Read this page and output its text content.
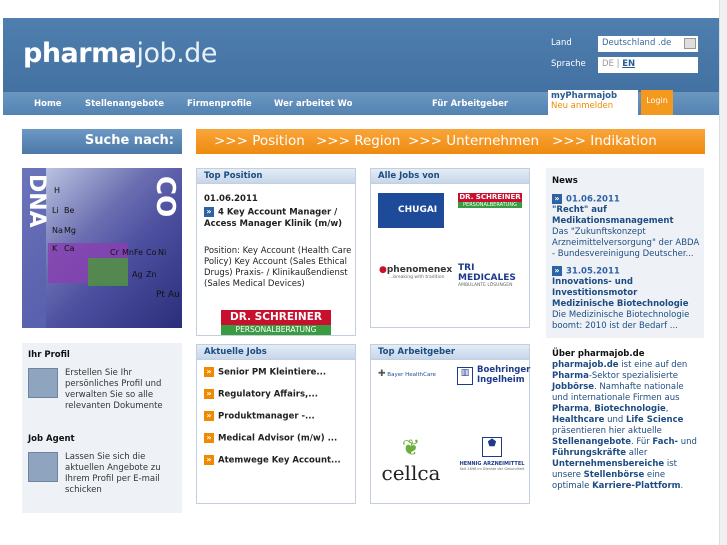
pharmajob.de	Land	Deutschland .de
Sprache	DE | EN
Home	Stellenangebote	Firmenprofile	Wer arbeitet Wo	Für Arbeitgeber
myPharmajob
Neu anmelden
Login
Suche nach:	>>> Position >>> Region >>> Unternehmen >>> Indikation
DNA	CO
H
Li Be
Na Mg
K Ca	Cr Mn Fe Co Ni
Pt Au
Ag Zn
Top Position
01.06.2011
» 4 Key Account Manager / Access Manager Klinik (m/w)
Position: Key Account (Health Care Policy) Key Account (Sales Ethical Drugs) Praxis- / Klinikaußendienst (Sales Medical Devices)
DR. SCHREINER
PERSONALBERATUNG
Alle Jobs von
CHUGAI
DR. SCHREINER
PERSONALBERATUNG
●phenomenex
...breaking with tradition
TRI MEDICALES
AMBULANTE LÖSUNGEN
Aktuelle Jobs
» Senior PM Kleintiere...
» Regulatory Affairs,...
» Produktmanager -...
» Medical Advisor (m/w) ...
» Atemwege Key Account...
Top Arbeitgeber
✚ Bayer HealthCare	▥ Boehringer
Ingelheim
❦
cellca
⬟
HENNIG ARZNEIMITTEL
Seit 1898 im Dienste der Gesundheit
Ihr Profil
Erstellen Sie Ihr persönliches Profil und verwalten Sie so alle relevanten Dokumente
Job Agent
Lassen Sie sich die aktuellen Angebote zu Ihrem Profil per E-mail schicken
News
» 01.06.2011
"Recht" auf Medikationsmanagement
Das "Zukunftskonzept Arzneimittelversorgung" der ABDA - Bundesvereinigung Deutscher...
» 31.05.2011
Innovations- und Investitionsmotor Medizinische Biotechnologie
Die Medizinische Biotechnologie boomt: 2010 ist der Bedarf ...
Über pharmajob.de
pharmajob.de ist eine auf den Pharma-Sektor spezialisierte Jobbörse. Namhafte nationale und internationale Firmen aus Pharma, Biotechnologie, Healthcare und Life Science präsentieren hier aktuelle Stellenangebote. Für Fach- und Führungskräfte aller Unternehmensbereiche ist unsere Stellenbörse eine optimale Karriere-Plattform.
